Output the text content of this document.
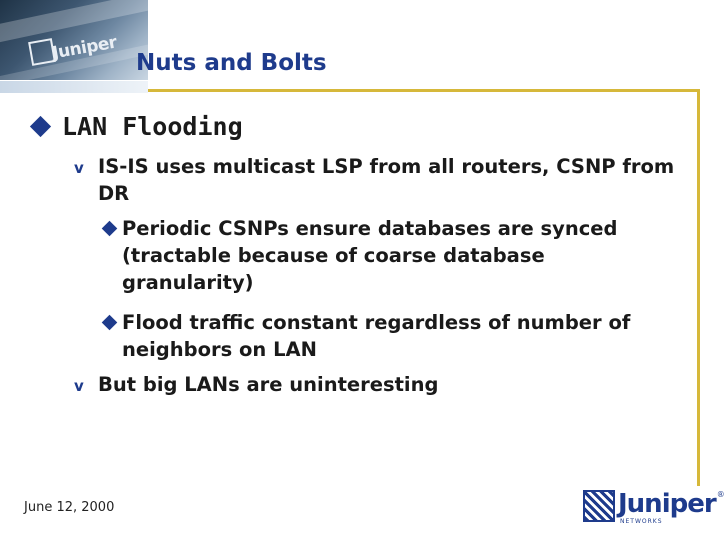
Juniper Nuts and Bolts
LAN Flooding
v IS-IS uses multicast LSP from all routers, CSNP from DR
Periodic CSNPs ensure databases are synced (tractable because of coarse database granularity)
Flood traffic constant regardless of number of neighbors on LAN
v But big LANs are uninteresting
June 12, 2000	Juniper
NETWORKS
®
